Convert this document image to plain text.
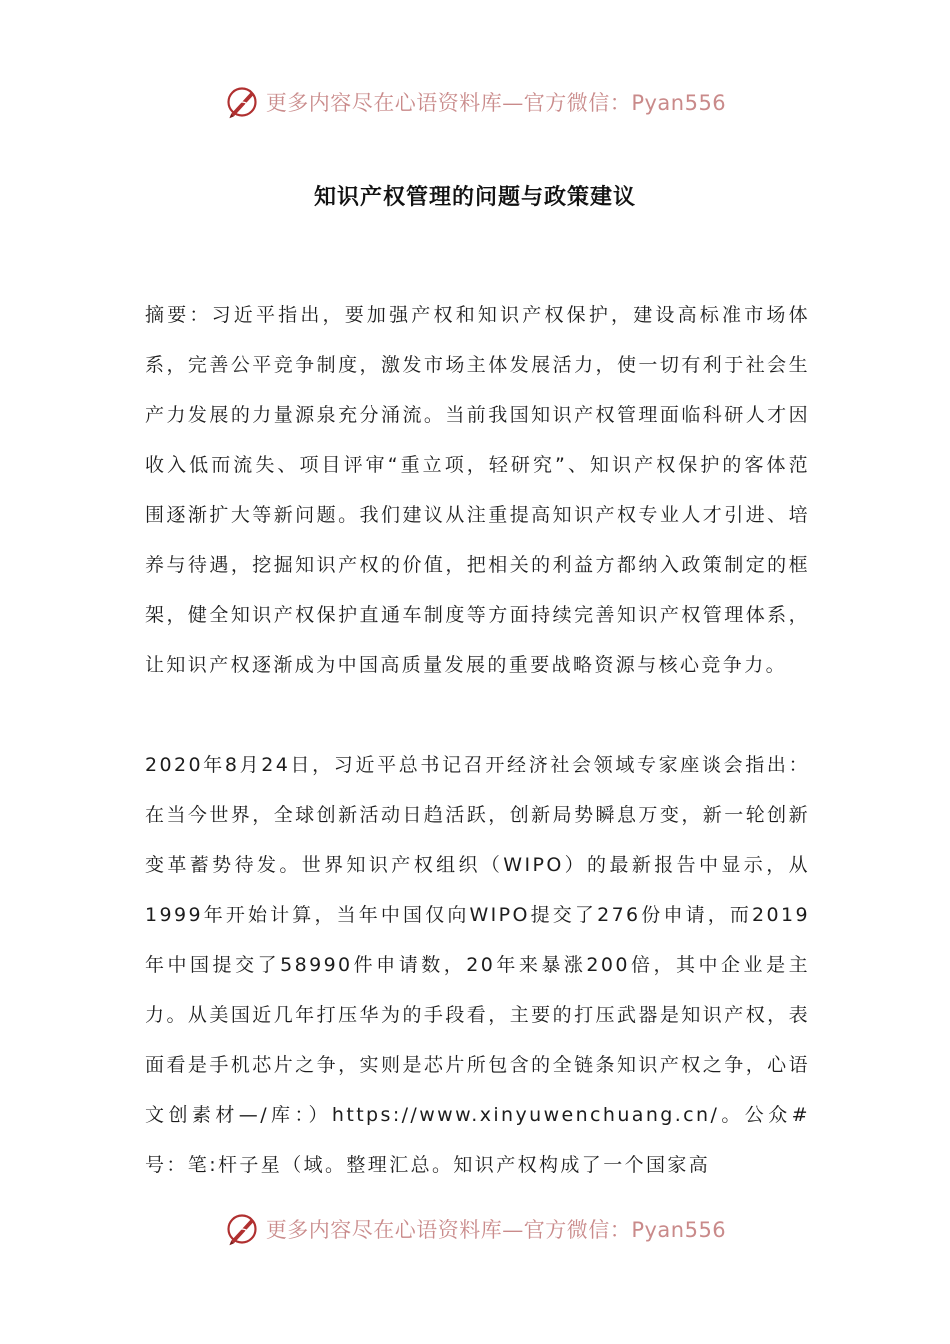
更多内容尽在心语资料库—官方微信：Pyan556
知识产权管理的问题与政策建议

摘要：习近平指出，要加强产权和知识产权保护，建设高标准市场体系，完善公平竞争制度，激发市场主体发展活力，使一切有利于社会生产力发展的力量源泉充分涌流。当前我国知识产权管理面临科研人才因收入低而流失、项目评审“重立项，轻研究”、知识产权保护的客体范围逐渐扩大等新问题。我们建议从注重提高知识产权专业人才引进、培养与待遇，挖掘知识产权的价值，把相关的利益方都纳入政策制定的框架，健全知识产权保护直通车制度等方面持续完善知识产权管理体系，让知识产权逐渐成为中国高质量发展的重要战略资源与核心竞争力。

2020年8月24日，习近平总书记召开经济社会领域专家座谈会指出：在当今世界，全球创新活动日趋活跃，创新局势瞬息万变，新一轮创新变革蓄势待发。世界知识产权组织（WIPO）的最新报告中显示，从1999年开始计算，当年中国仅向WIPO提交了276份申请，而2019年中国提交了58990件申请数，20年来暴涨200倍，其中企业是主力。从美国近几年打压华为的手段看，主要的打压武器是知识产权，表面看是手机芯片之争，实则是芯片所包含的全链条知识产权之争，心语文创素材—/库：）https://www.xinyuwenchuang.cn/。公众#号：笔:杆子星（域。整理汇总。知识产权构成了一个国家高

更多内容尽在心语资料库—官方微信：Pyan556
